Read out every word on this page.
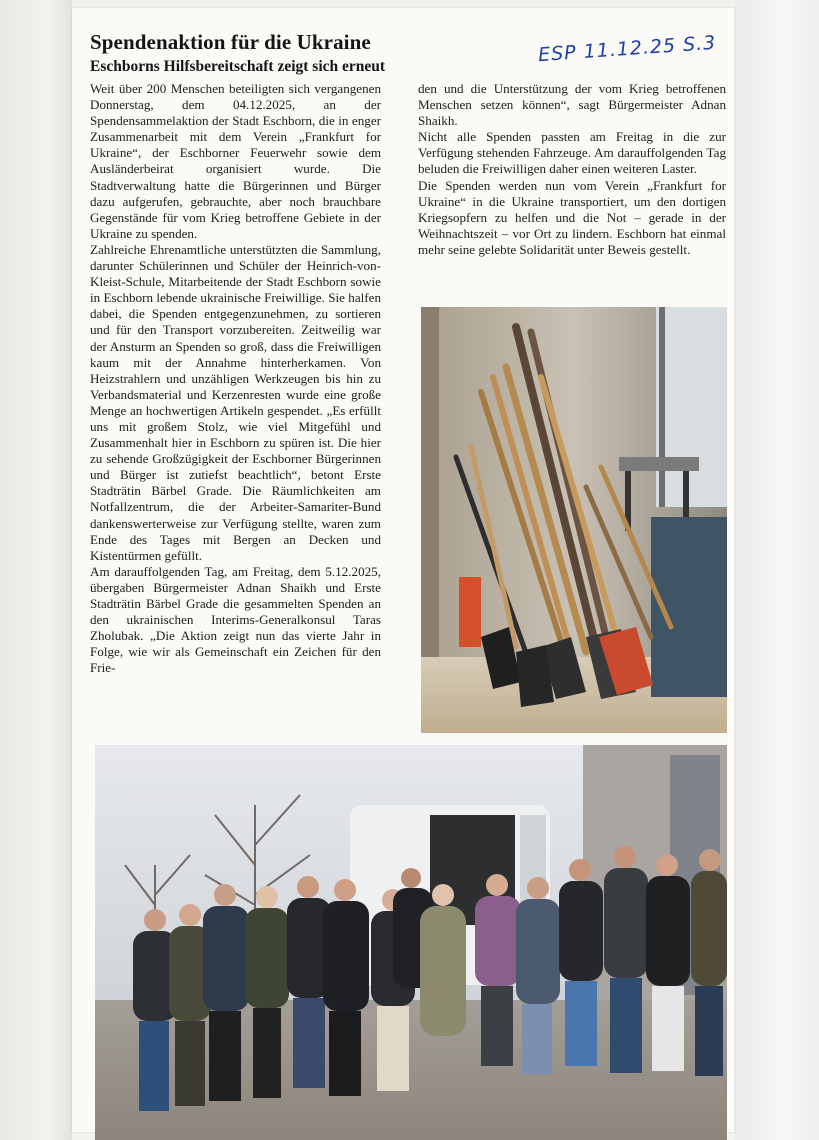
Spendenaktion für die Ukraine
Eschborns Hilfsbereitschaft zeigt sich erneut
ESP 11.12.25 S.3

Weit über 200 Menschen beteiligten sich vergangenen Donnerstag, dem 04.12.2025, an der Spendensammelaktion der Stadt Eschborn, die in enger Zusammenarbeit mit dem Verein „Frankfurt for Ukraine“, der Eschborner Feuerwehr sowie dem Ausländerbeirat organisiert wurde. Die Stadtverwaltung hatte die Bürgerinnen und Bürger dazu aufgerufen, gebrauchte, aber noch brauchbare Gegenstände für vom Krieg betroffene Gebiete in der Ukraine zu spenden.

Zahlreiche Ehrenamtliche unterstützten die Sammlung, darunter Schülerinnen und Schüler der Heinrich-von-Kleist-Schule, Mitarbeitende der Stadt Eschborn sowie in Eschborn lebende ukrainische Freiwillige. Sie halfen dabei, die Spenden entgegenzunehmen, zu sortieren und für den Transport vorzubereiten. Zeitweilig war der Ansturm an Spenden so groß, dass die Freiwilligen kaum mit der Annahme hinterherkamen. Von Heizstrahlern und unzähligen Werkzeugen bis hin zu Verbandsmaterial und Kerzenresten wurde eine große Menge an hochwertigen Artikeln gespendet. „Es erfüllt uns mit großem Stolz, wie viel Mitgefühl und Zusammenhalt hier in Eschborn zu spüren ist. Die hier zu sehende Großzügigkeit der Eschborner Bürgerinnen und Bürger ist zutiefst beachtlich“, betont Erste Stadträtin Bärbel Grade. Die Räumlichkeiten am Notfallzentrum, die der Arbeiter-Samariter-Bund dankenswerterweise zur Verfügung stellte, waren zum Ende des Tages mit Bergen an Decken und Kistentürmen gefüllt.

Am darauffolgenden Tag, am Freitag, dem 5.12.2025, übergaben Bürgermeister Adnan Shaikh und Erste Stadträtin Bärbel Grade die gesammelten Spenden an den ukrainischen Interims-Generalkonsul Taras Zholubak. „Die Aktion zeigt nun das vierte Jahr in Folge, wie wir als Gemeinschaft ein Zeichen für den Frie-

den und die Unterstützung der vom Krieg betroffenen Menschen setzen können“, sagt Bürgermeister Adnan Shaikh.

Nicht alle Spenden passten am Freitag in die zur Verfügung stehenden Fahrzeuge. Am darauffolgenden Tag beluden die Freiwilligen daher einen weiteren Laster.

Die Spenden werden nun vom Verein „Frankfurt for Ukraine“ in die Ukraine transportiert, um den dortigen Kriegsopfern zu helfen und die Not – gerade in der Weihnachtszeit – vor Ort zu lindern. Eschborn hat einmal mehr seine gelebte Solidarität unter Beweis gestellt.
